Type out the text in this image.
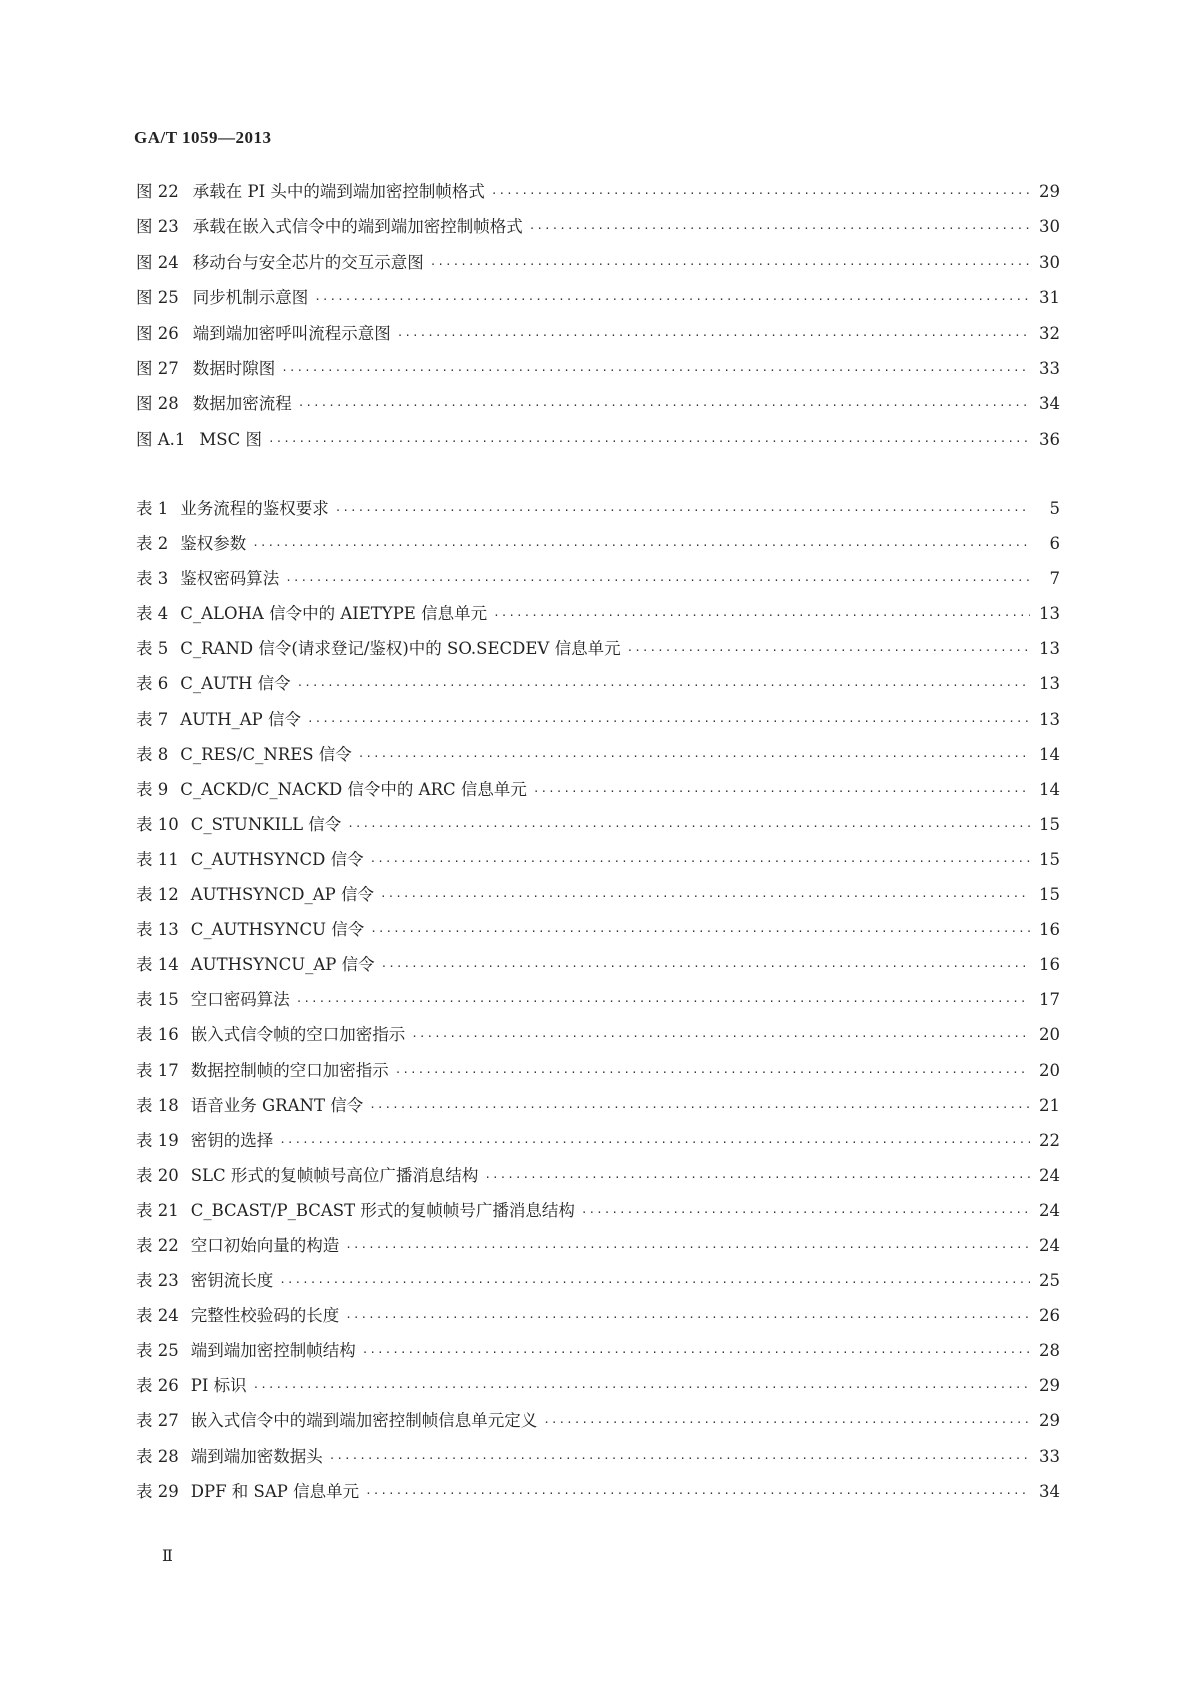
GA/T 1059—2013
图 22 承载在 PI 头中的端到端加密控制帧格式 ·····	29
图 23 承载在嵌入式信令中的端到端加密控制帧格式 ·····	30
图 24 移动台与安全芯片的交互示意图 ·····	30
图 25 同步机制示意图 ·····	31
图 26 端到端加密呼叫流程示意图 ·····	32
图 27 数据时隙图 ·····	33
图 28 数据加密流程 ·····	34
图 A.1 MSC 图 ·····	36
表 1 业务流程的鉴权要求 ·····	5
表 2 鉴权参数 ·····	6
表 3 鉴权密码算法 ·····	7
表 4 C_ALOHA 信令中的 AIETYPE 信息单元 ·····	13
表 5 C_RAND 信令(请求登记/鉴权)中的 SO.SECDEV 信息单元 ·····	13
表 6 C_AUTH 信令 ·····	13
表 7 AUTH_AP 信令 ·····	13
表 8 C_RES/C_NRES 信令 ·····	14
表 9 C_ACKD/C_NACKD 信令中的 ARC 信息单元 ·····	14
表 10 C_STUNKILL 信令 ·····	15
表 11 C_AUTHSYNCD 信令 ·····	15
表 12 AUTHSYNCD_AP 信令 ·····	15
表 13 C_AUTHSYNCU 信令 ·····	16
表 14 AUTHSYNCU_AP 信令 ·····	16
表 15 空口密码算法 ·····	17
表 16 嵌入式信令帧的空口加密指示 ·····	20
表 17 数据控制帧的空口加密指示 ·····	20
表 18 语音业务 GRANT 信令 ·····	21
表 19 密钥的选择 ·····	22
表 20 SLC 形式的复帧帧号高位广播消息结构 ·····	24
表 21 C_BCAST/P_BCAST 形式的复帧帧号广播消息结构 ·····	24
表 22 空口初始向量的构造 ·····	24
表 23 密钥流长度 ·····	25
表 24 完整性校验码的长度 ·····	26
表 25 端到端加密控制帧结构 ·····	28
表 26 PI 标识 ·····	29
表 27 嵌入式信令中的端到端加密控制帧信息单元定义 ·····	29
表 28 端到端加密数据头 ·····	33
表 29 DPF 和 SAP 信息单元 ·····	34
Ⅱ
